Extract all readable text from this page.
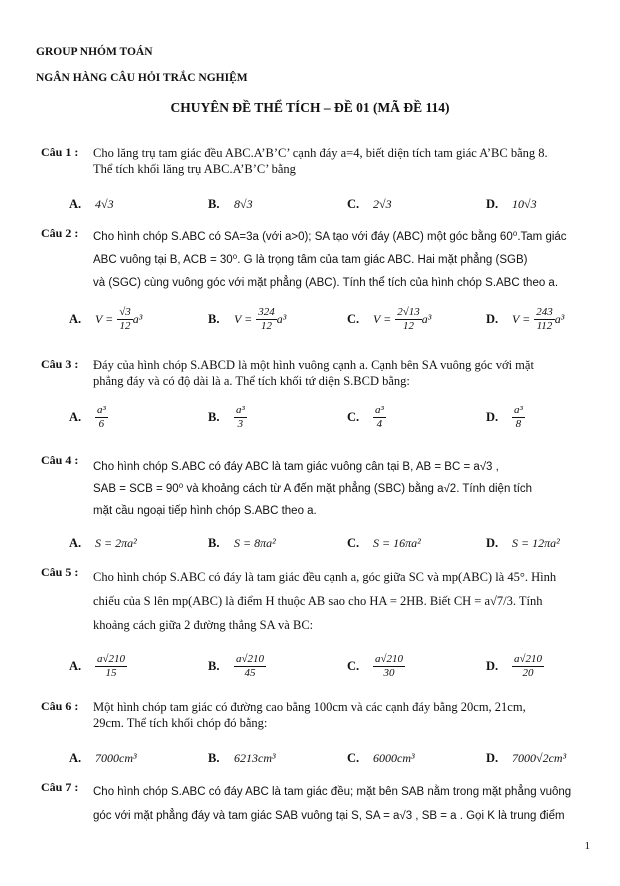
GROUP NHÓM TOÁN
NGÂN HÀNG CÂU HỎI TRẮC NGHIỆM
CHUYÊN ĐỀ THỂ TÍCH – ĐỀ 01 (MÃ ĐỀ 114)
Câu 1 : Cho lăng trụ tam giác đều ABC.A’B’C’ cạnh đáy a=4, biết diện tích tam giác A’BC bằng 8.
Thể tích khối lăng trụ ABC.A’B’C’ bằng
A. 4√3	B. 8√3	C. 2√3	D. 10√3
Câu 2 : Cho hình chóp S.ABC có SA=3a (với a>0); SA tạo với đáy (ABC) một góc bằng 60⁰.Tam giác
ABC vuông tại B, ACB = 30⁰. G là trọng tâm của tam giác ABC. Hai mặt phẳng (SGB)
và (SGC) cùng vuông góc với mặt phẳng (ABC). Tính thể tích của hình chóp S.ABC theo a.
A. $V = \frac{√3}{12} a^3$	B. $V = \frac{324}{12} a^3$	C. $V = \frac{2√13}{12} a^3$	D. $V = \frac{243}{112} a^3$
Câu 3 : Đáy của hình chóp S.ABCD là một hình vuông cạnh a. Cạnh bên SA vuông góc với mặt
phẳng đáy và có độ dài là a. Thể tích khối tứ diện S.BCD bằng:
A. $\frac{\text{a³}}{6}$	B. $\frac{\text{a³}}{3}$	C. $\frac{\text{a³}}{4}$	D. $\frac{\text{a³}}{8}$
Câu 4 : Cho hình chóp S.ABC có đáy ABC là tam giác vuông cân tại B, AB = BC = a√3 ,
SAB = SCB = 90⁰ và khoảng cách từ A đến mặt phẳng (SBC) bằng a√2. Tính diện tích
mặt cầu ngoại tiếp hình chóp S.ABC theo a.
A. S = 2πa²	B. S = 8πa²	C. S = 16πa²	D. S = 12πa²
Câu 5 : Cho hình chóp S.ABC có đáy là tam giác đều cạnh a, góc giữa SC và mp(ABC) là 45°. Hình
chiếu của S lên mp(ABC) là điểm H thuộc AB sao cho HA = 2HB. Biết CH = a√7/3. Tính
khoảng cách giữa 2 đường thẳng SA và BC:
A. $\frac{a√210}{15}$	B. $\frac{a√210}{45}$	C. $\frac{a√210}{30}$	D. $\frac{a√210}{20}$
Câu 6 : Một hình chóp tam giác có đường cao bằng 100cm và các cạnh đáy bằng 20cm, 21cm,
29cm. Thể tích khối chóp đó bằng:
A. 7000cm³	B. 6213cm³	C. 6000cm³	D. 7000√2cm³
Câu 7 : Cho hình chóp S.ABC có đáy ABC là tam giác đều; mặt bên SAB nằm trong mặt phẳng vuông
góc với mặt phẳng đáy và tam giác SAB vuông tại S, SA = a√3 , SB = a . Gọi K là trung điểm
1
